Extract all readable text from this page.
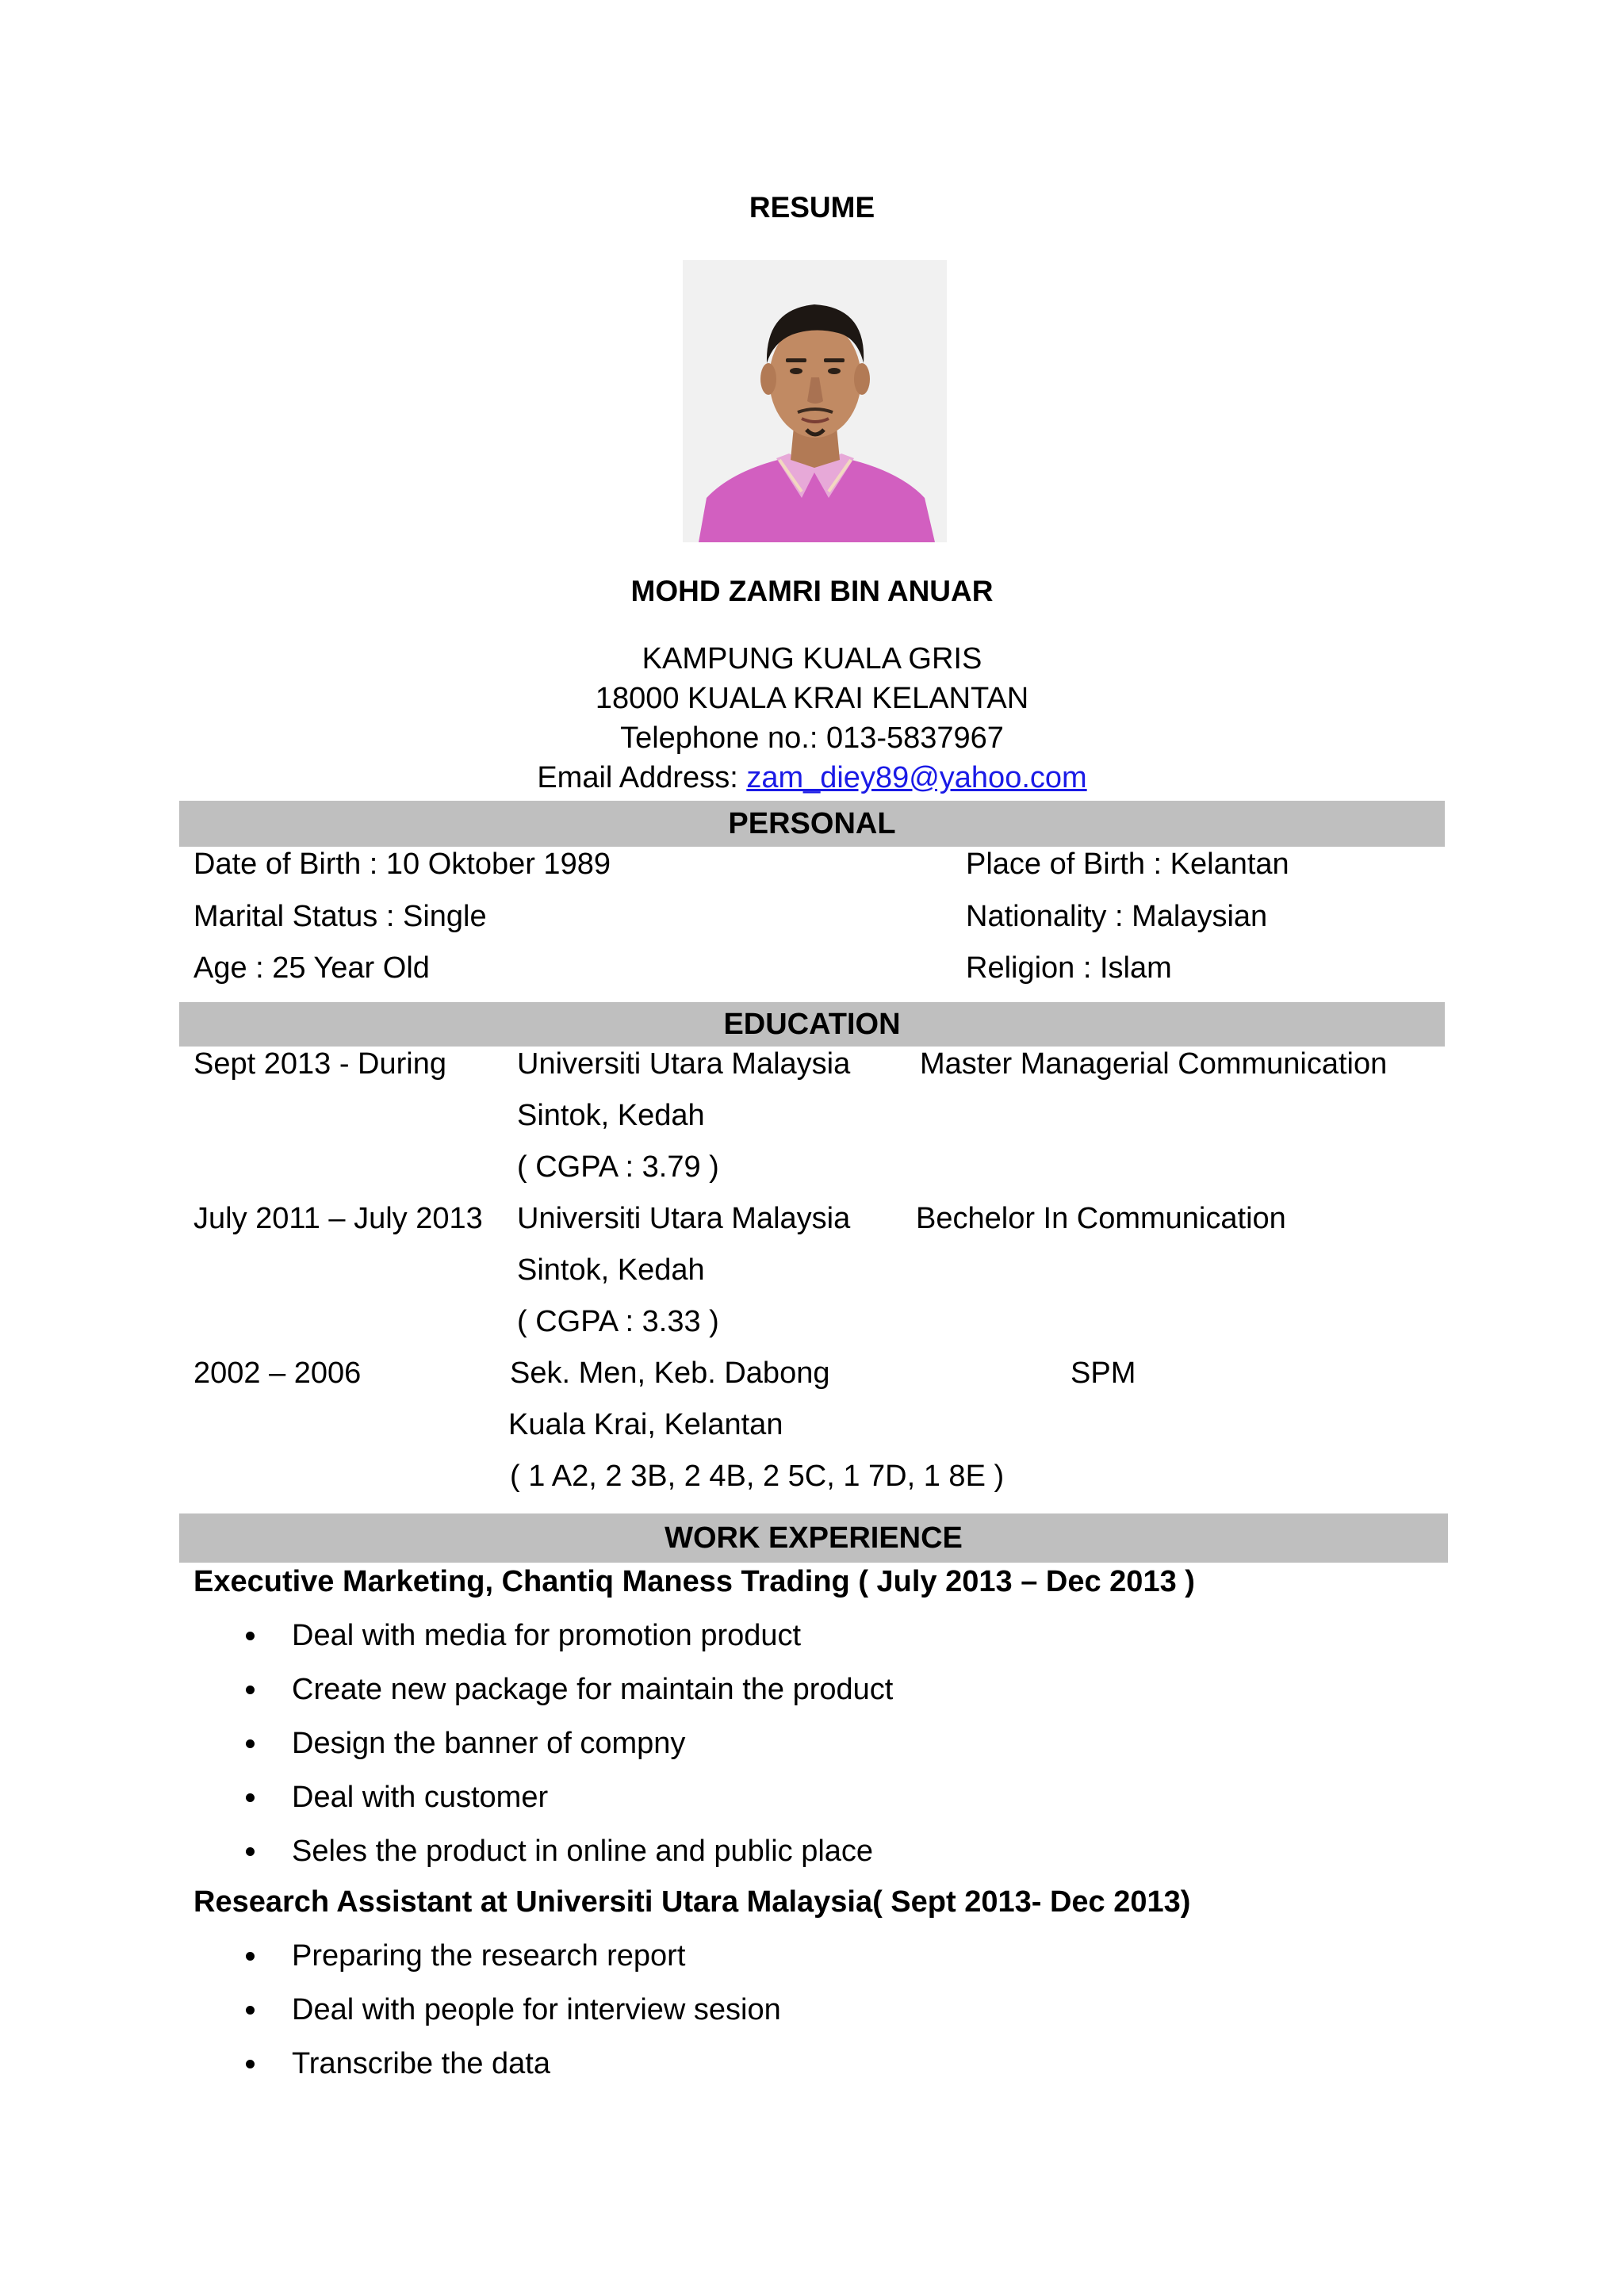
RESUME
MOHD ZAMRI BIN ANUAR
KAMPUNG KUALA GRIS
18000 KUALA KRAI KELANTAN
Telephone no.: 013-5837967
Email Address: zam_diey89@yahoo.com
PERSONAL
Date of Birth : 10 Oktober 1989
Marital Status : Single
Age : 25 Year Old
Place of Birth : Kelantan
Nationality : Malaysian
Religion : Islam
EDUCATION
Sept 2013 - During Universiti Utara Malaysia Master Managerial Communication
Sintok, Kedah
( CGPA : 3.79 )
July 2011 – July 2013 Universiti Utara Malaysia Bechelor In Communication
Sintok, Kedah
( CGPA : 3.33 )
2002 – 2006	Sek. Men, Keb. Dabong	SPM
Kuala Krai, Kelantan
( 1 A2, 2 3B, 2 4B, 2 5C, 1 7D, 1 8E )
WORK EXPERIENCE
Executive Marketing, Chantiq Maness Trading ( July 2013 – Dec 2013 )
Deal with media for promotion product
Create new package for maintain the product
Design the banner of compny
Deal with customer
Seles the product in online and public place
Research Assistant at Universiti Utara Malaysia( Sept 2013- Dec 2013)
Preparing the research report
Deal with people for interview sesion
Transcribe the data
